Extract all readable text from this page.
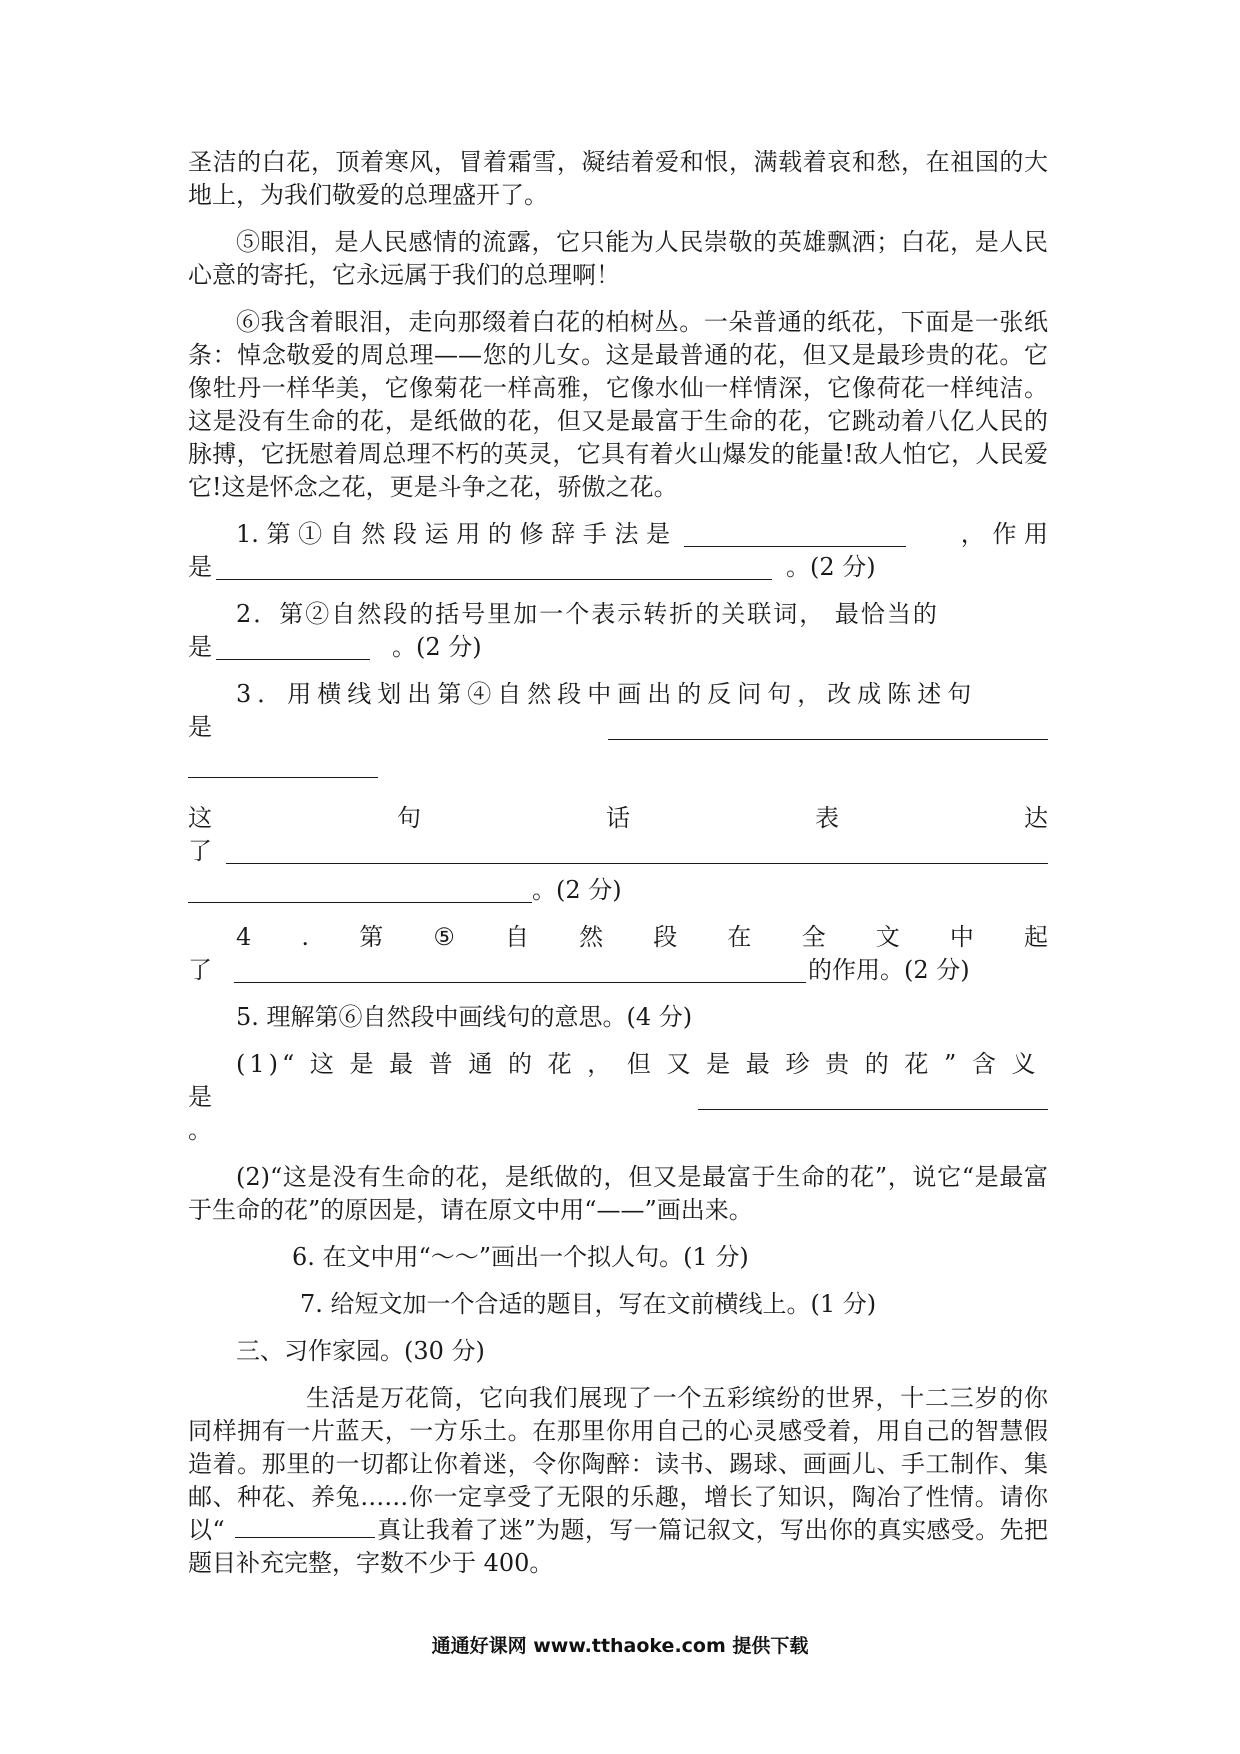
圣洁的白花，顶着寒风，冒着霜雪，凝结着爱和恨，满载着哀和愁，在祖国的大地上，为我们敬爱的总理盛开了。

⑤眼泪，是人民感情的流露，它只能为人民崇敬的英雄飘洒；白花，是人民心意的寄托，它永远属于我们的总理啊！

⑥我含着眼泪，走向那缀着白花的柏树丛。一朵普通的纸花，下面是一张纸条：悼念敬爱的周总理——您的儿女。这是最普通的花，但又是最珍贵的花。它像牡丹一样华美，它像菊花一样高雅，它像水仙一样情深，它像荷花一样纯洁。这是没有生命的花，是纸做的花，但又是最富于生命的花，它跳动着八亿人民的脉搏，它抚慰着周总理不朽的英灵，它具有着火山爆发的能量!敌人怕它，人民爱它!这是怀念之花，更是斗争之花，骄傲之花。

1. 第 ① 自 然 段 运 用 的 修 辞 手 法 是	， 作 用
是	。(2 分)
2．第②自然段的括号里加一个表示转折的关联词， 最恰当的
是	。(2 分)
3．用横线划出第④自然段中画出的反问句，改成陈述句
是
这	句	话	表	达
了
。(2 分)
4 . 第 ⑤ 自 然 段 在 全 文 中 起
了	的作用。(2 分)

5. 理解第⑥自然段中画线句的意思。(4 分)

(1)“ 这 是 最 普 通 的 花 ， 但 又 是 最 珍 贵 的 花 ” 含 义
是
。

(2)“这是没有生命的花，是纸做的，但又是最富于生命的花”，说它“是最富于生命的花”的原因是，请在原文中用“——”画出来。

6. 在文中用“～～”画出一个拟人句。(1 分)

7. 给短文加一个合适的题目，写在文前横线上。(1 分)

三、习作家园。(30 分)

生活是万花筒，它向我们展现了一个五彩缤纷的世界，十二三岁的你同样拥有一片蓝天，一方乐土。在那里你用自己的心灵感受着，用自己的智慧假造着。那里的一切都让你着迷，令你陶醉：读书、踢球、画画儿、手工制作、集邮、种花、养兔……你一定享受了无限的乐趣，增长了知识，陶冶了性情。请你以“	真让我着了迷”为题，写一篇记叙文，写出你的真实感受。先把题目补充完整，字数不少于 400。

通通好课网 www.tthaoke.com 提供下载
